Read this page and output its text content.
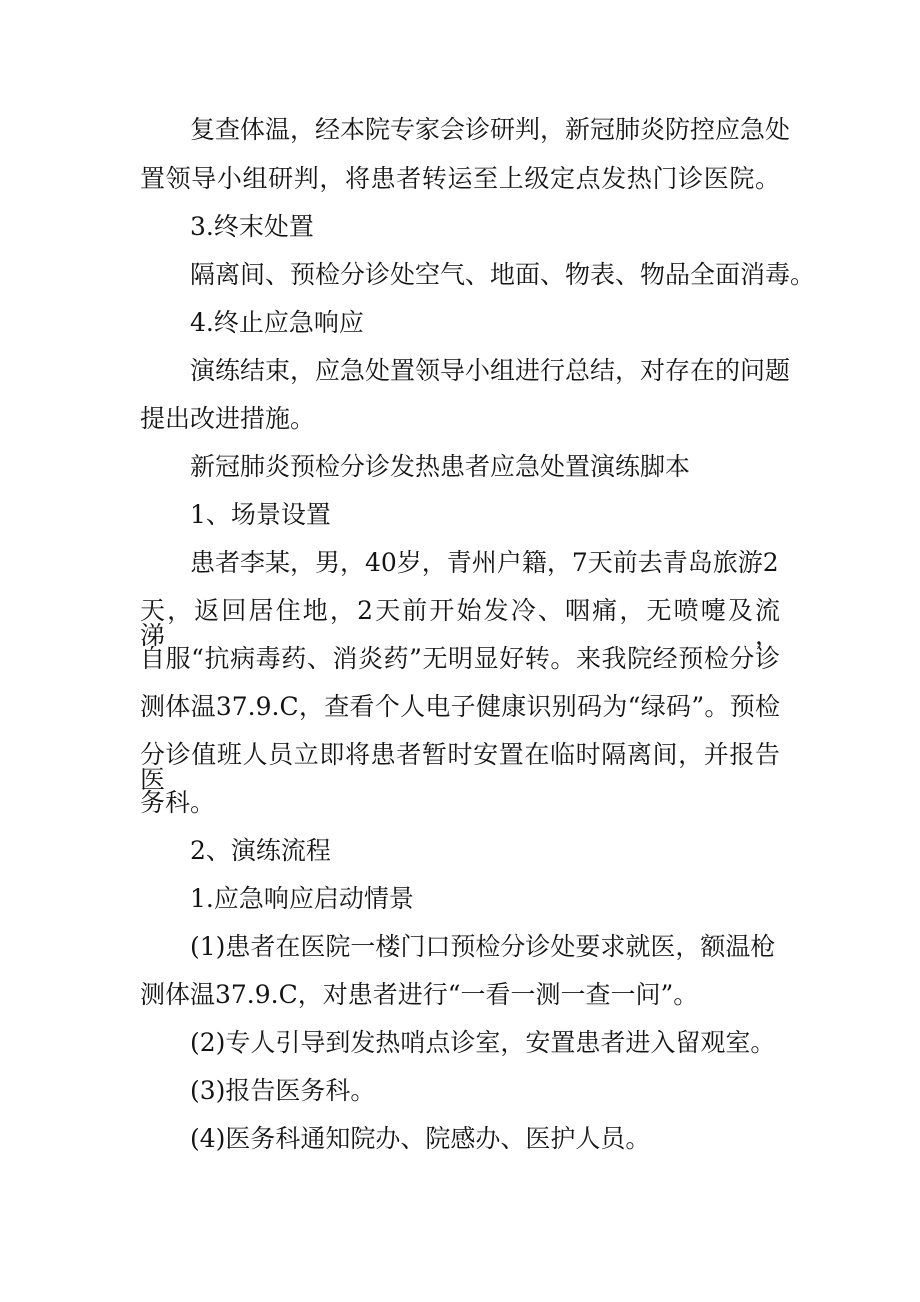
复查体温，经本院专家会诊研判，新冠肺炎防控应急处
置领导小组研判，将患者转运至上级定点发热门诊医院。
3.终末处置
隔离间、预检分诊处空气、地面、物表、物品全面消毒。
4.终止应急响应
演练结束，应急处置领导小组进行总结，对存在的问题
提出改进措施。
新冠肺炎预检分诊发热患者应急处置演练脚本
1、场景设置
患者李某，男，40岁，青州户籍，7天前去青岛旅游2
天，返回居住地，2天前开始发冷、咽痛，无喷嚏及流涕，
自服“抗病毒药、消炎药”无明显好转。来我院经预检分诊
测体温37.9.C，查看个人电子健康识别码为“绿码”。预检
分诊值班人员立即将患者暂时安置在临时隔离间，并报告医
务科。
2、演练流程
1.应急响应启动情景
(1)患者在医院一楼门口预检分诊处要求就医，额温枪
测体温37.9.C，对患者进行“一看一测一查一问”。
(2)专人引导到发热哨点诊室，安置患者进入留观室。
(3)报告医务科。
(4)医务科通知院办、院感办、医护人员。
